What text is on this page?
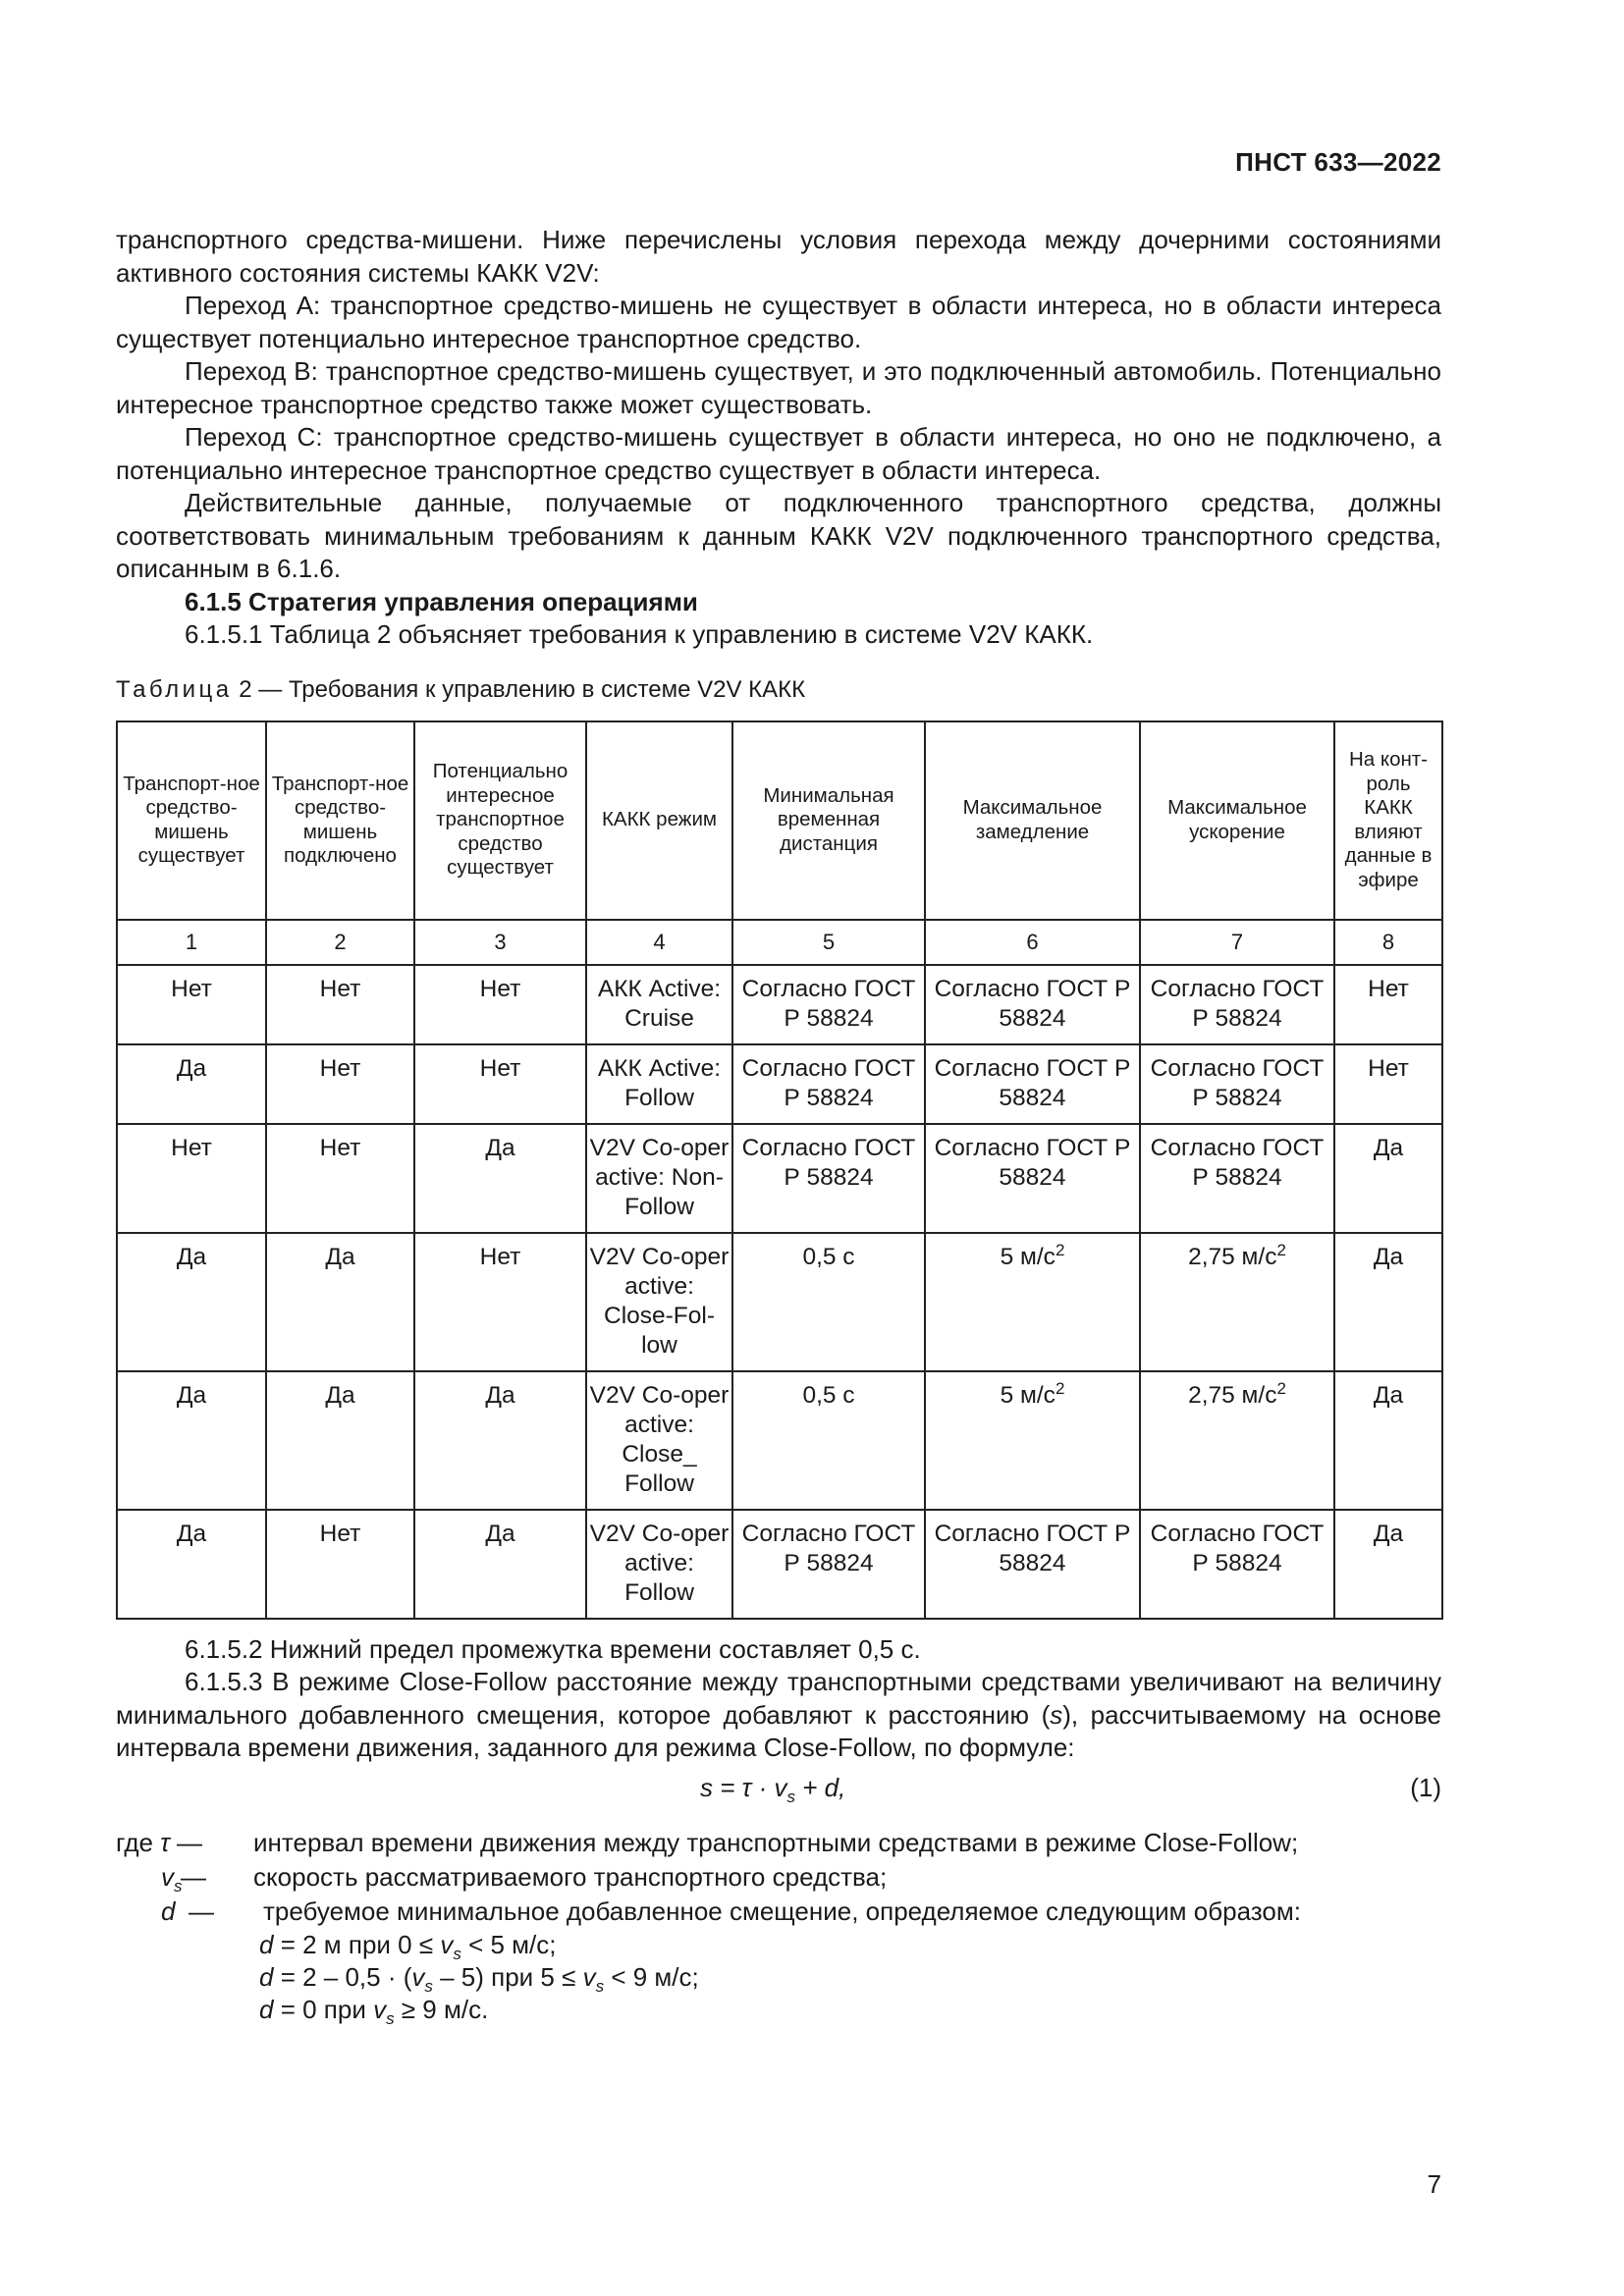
ПНСТ 633—2022

транспортного средства-мишени. Ниже перечислены условия перехода между дочерними состояниями активного состояния системы КАКК V2V:

Переход A: транспортное средство-мишень не существует в области интереса, но в области интереса существует потенциально интересное транспортное средство.

Переход B: транспортное средство-мишень существует, и это подключенный автомобиль. Потенциально интересное транспортное средство также может существовать.

Переход C: транспортное средство-мишень существует в области интереса, но оно не подключено, а потенциально интересное транспортное средство существует в области интереса.

Действительные данные, получаемые от подключенного транспортного средства, должны соответствовать минимальным требованиям к данным КАКК V2V подключенного транспортного средства, описанным в 6.1.6.

6.1.5 Стратегия управления операциями

6.1.5.1 Таблица 2 объясняет требования к управлению в системе V2V КАКК.

Таблица 2 — Требования к управлению в системе V2V КАКК

Транспорт-ное средство-мишень существует	Транспорт-ное средство-мишень подключено	Потенциально интересное транспортное средство существует	КАКК режим	Минимальная временная дистанция	Максимальное замедление	Максимальное ускорение	На конт-роль КАКК влияют данные в эфире
1	2	3	4	5	6	7	8
Нет	Нет	Нет	АКК Active: Cruise	Согласно ГОСТ Р 58824	Согласно ГОСТ Р 58824	Согласно ГОСТ Р 58824	Нет
Да	Нет	Нет	АКК Active: Follow	Согласно ГОСТ Р 58824	Согласно ГОСТ Р 58824	Согласно ГОСТ Р 58824	Нет
Нет	Нет	Да	V2V Co-oper active: Non-Follow	Согласно ГОСТ Р 58824	Согласно ГОСТ Р 58824	Согласно ГОСТ Р 58824	Да
Да	Да	Нет	V2V Co-oper active: Close-Fol-low	0,5 с	5 $м/с^2$	2,75 $м/с^2$	Да
Да	Да	Да	V2V Co-oper active: Close_ Follow	0,5 с	5 $м/с^2$	2,75 $м/с^2$	Да
Да	Нет	Да	V2V Co-oper active: Follow	Согласно ГОСТ Р 58824	Согласно ГОСТ Р 58824	Согласно ГОСТ Р 58824	Да

6.1.5.2 Нижний предел промежутка времени составляет 0,5 с.

6.1.5.3 В режиме Close-Follow расстояние между транспортными средствами увеличивают на величину минимального добавленного смещения, которое добавляют к расстоянию (s), рассчитываемому на основе интервала времени движения, заданного для режима Close-Follow, по формуле:

$s = \tau \cdot v_s + d$,	(1)
где τ — интервал времени движения между транспортными средствами в режиме Close-Follow;
$v_s$
— скорость рассматриваемого транспортного средства;
d — требуемое минимальное добавленное смещение, определяемое следующим образом:
d = 2 м при $0 \le v_s < 5$ м/с;
$d = 2 - 0,5 \cdot (v_s - 5)$ при $5 \le v_s < 9$ м/с;
d = 0 при $v_s \ge 9$ м/с.
7
